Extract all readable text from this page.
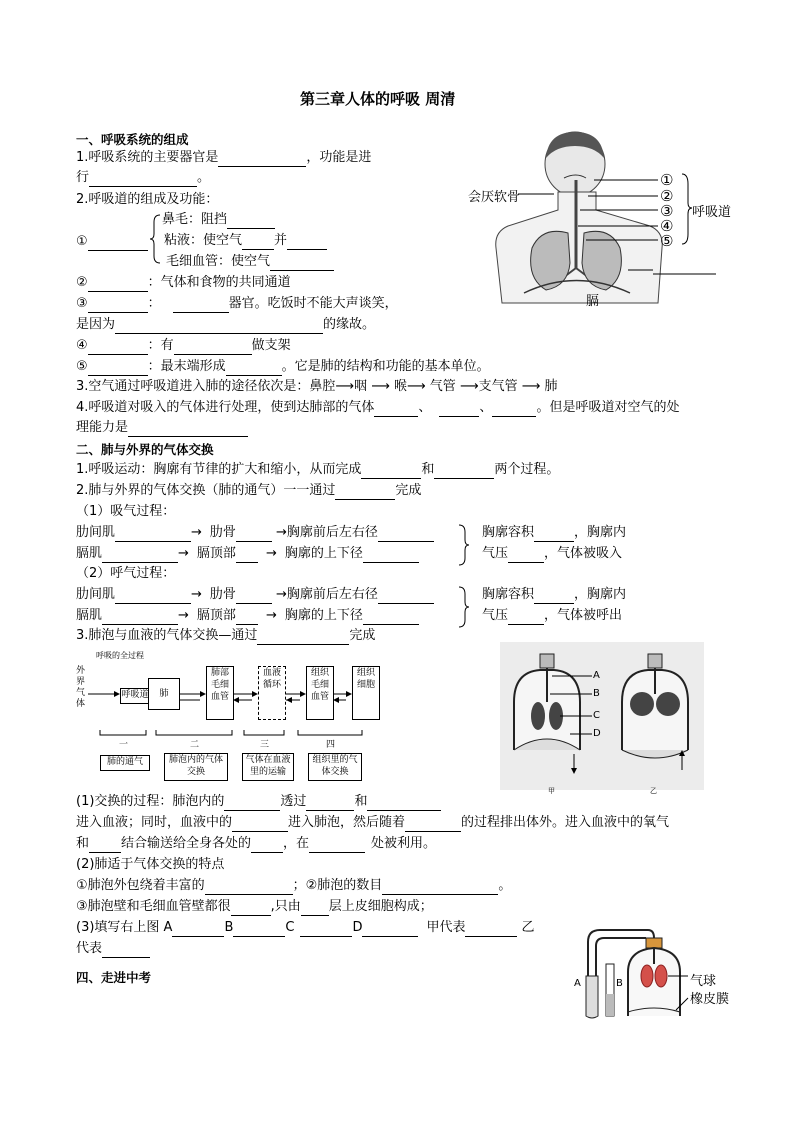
第三章人体的呼吸 周清
一、呼吸系统的组成
1.呼吸系统的主要器官是	，功能是进
行	。
2.呼吸道的组成及功能：
①
鼻毛：阻挡
粘液：使空气 并
毛细血管：使空气
②	：气体和食物的共同通道
③	：	器官。吃饭时不能大声谈笑，
是因为	的缘故。
④	：有	做支架
⑤	：最末端形成	。它是肺的结构和功能的基本单位。
3.空气通过呼吸道进入肺的途径依次是：鼻腔⟶咽 ⟶ 喉⟶ 气管 ⟶支气管 ⟶ 肺
4.呼吸道对吸入的气体进行处理，使到达肺部的气体	、	、	。但是呼吸道对空气的处
理能力是
会厌软骨
①
②
③
④
⑤
呼吸道
膈
二、肺与外界的气体交换
1.呼吸运动：胸廓有节律的扩大和缩小，从而完成	和	两个过程。
2.肺与外界的气体交换（肺的通气）一一通过	完成
（1）吸气过程：
肋间肌	→ 肋骨	→胸廓前后左右径
膈肌	→ 膈顶部 → 胸廓的上下径
胸廓容积	，胸廓内
气压	，气体被吸入
（2）呼气过程：
肋间肌	→ 肋骨	→胸廓前后左右径
膈肌	→ 膈顶部 → 胸廓的上下径
胸廓容积	，胸廓内
气压	，气体被呼出
3.肺泡与血液的气体交换—通过	完成
呼吸的全过程
外界气体
呼吸道	肺
肺部毛细血管
血液循环
组织毛细血管
组织细胞
一	二	三	四
肺的通气	肺泡内的气体交换
气体在血液里的运输
组织里的气体交换
A
B
C
D
甲	乙
(1)交换的过程：肺泡内的	透过	和
进入血液；同时，血液中的	进入肺泡，然后随着	的过程排出体外。进入血液中的氧气
和 结合输送给全身各处的 ，在	处被利用。
(2)肺适于气体交换的特点
①肺泡外包绕着丰富的	；②肺泡的数目	。
③肺泡壁和毛细血管壁都很	,只由 层上皮细胞构成；
(3)填写右上图 A	B	C	D	甲代表	乙
代表
四、走进中考	A	B	气球
橡皮膜
